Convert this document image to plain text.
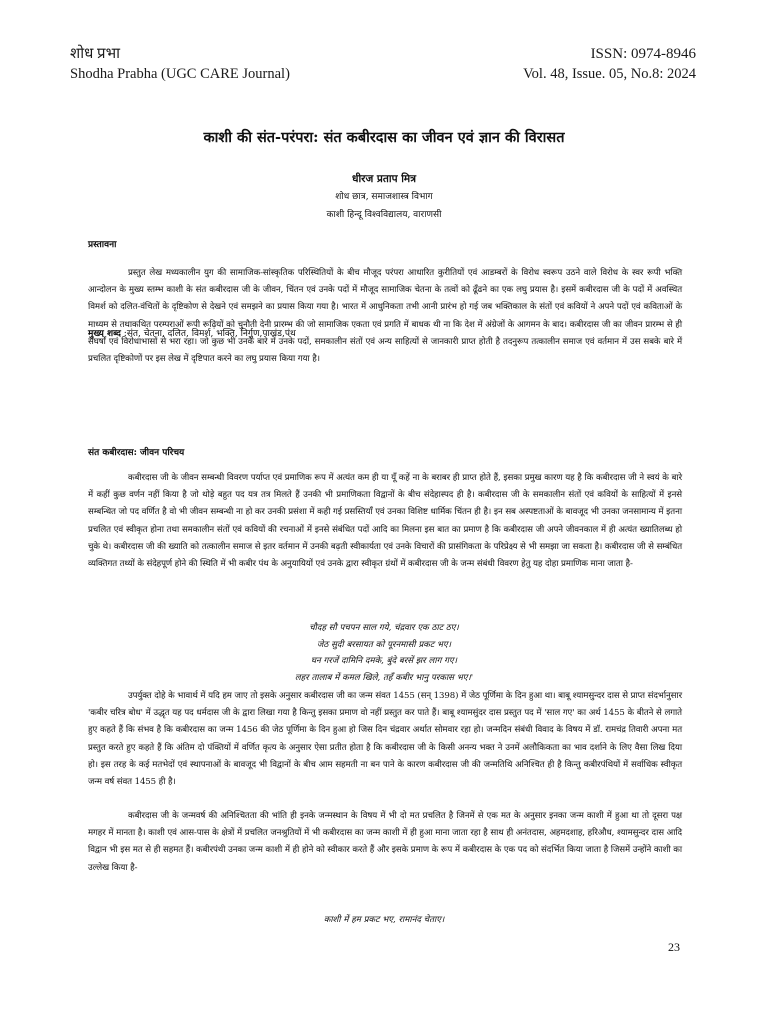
शोध प्रभा
Shodha Prabha (UGC CARE Journal)
ISSN: 0974-8946
Vol. 48, Issue. 05, No.8: 2024
काशी की संत-परंपरा: संत कबीरदास का जीवन एवं ज्ञान की विरासत
धीरज प्रताप मित्र
शोध छात्र, समाजशास्त्र विभाग
काशी हिन्दू विश्वविद्यालय, वाराणसी
प्रस्तावना

प्रस्तुत लेख मध्यकालीन युग की सामाजिक-सांस्कृतिक परिस्थितियों के बीच मौजूद परंपरा आधारित कुरीतियों एवं आडम्बरों के विरोध स्वरूप उठने वाले विरोध के स्वर रूपी भक्ति आन्दोलन के मुख्य स्तम्भ काशी के संत कबीरदास जी के जीवन, चिंतन एवं उनके पदों में मौजूद सामाजिक चेतना के तत्वों को ढूँढने का एक लघु प्रयास है। इसमें कबीरदास जी के पदों में अवस्थित विमर्श को दलित-वंचितों के दृष्टिकोण से देखने एवं समझने का प्रयास किया गया है। भारत में आधुनिकता तभी आनी प्रारंभ हो गई जब भक्तिकाल के संतों एवं कवियों ने अपने पदों एवं कविताओं के माध्यम से तथाकथित परम्पराओं रूपी रूढ़ियों को चुनौती देनी प्रारम्भ की जो सामाजिक एकता एवं प्रगति में बाधक थी ना कि देश में अंग्रेजों के आगमन के बाद। कबीरदास जी का जीवन प्रारम्भ से ही संघर्षों एवं विरोधाभासों से भरा रहा। जो कुछ भी उनके बारे में उनके पदों, समकालीन संतों एवं अन्य साहित्यों से जानकारी प्राप्त होती है तदनुरूप तत्कालीन समाज एवं वर्तमान में उस सबके बारे में प्रचलित दृष्टिकोणों पर इस लेख में दृष्टिपात करने का लघु प्रयास किया गया है।

मुख्य शब्द :संत, चेतना, दलित, विमर्श, भक्ति, निर्गुण,पाखंड,पंथ
संत कबीरदास: जीवन परिचय

कबीरदास जी के जीवन सम्बन्धी विवरण पर्याप्त एवं प्रमाणिक रूप में अत्यंत कम ही या यूँ कहें ना के बराबर ही प्राप्त होते हैं, इसका प्रमुख कारण यह है कि कबीरदास जी ने स्वयं के बारे में कहीं कुछ वर्णन नहीं किया है जो थोड़े बहुत पद यत्र तत्र मिलते हैं उनकी भी प्रमाणिकता विद्वानों के बीच संदेहास्पद ही है। कबीरदास जी के समकालीन संतों एवं कवियों के साहित्यों में इनसे सम्बन्धित जो पद वर्णित है वो भी जीवन सम्बन्धी ना हो कर उनकी प्रसंशा में कही गई प्रसस्तियाँ एवं उनका विशिष्ट धार्मिक चिंतन ही है। इन सब अस्पष्टताओं के बावजूद भी उनका जनसामान्य में इतना प्रचलित एवं स्वीकृत होना तथा समकालीन संतों एवं कवियों की रचनाओं में इनसे संबंधित पदों आदि का मिलना इस बात का प्रमाण है कि कबीरदास जी अपने जीवनकाल में ही अत्यंत ख्यातिलब्ध हो चुके थे। कबीरदास जी की ख्याति को तत्कालीन समाज से इतर वर्तमान में उनकी बढ़ती स्वीकार्यता एवं उनके विचारों की प्रासंगिकता के परिप्रेक्ष्य से भी समझा जा सकता है। कबीरदास जी से सम्बंधित व्यक्तिगत तथ्यों के संदेहपूर्ण होने की स्थिति में भी कबीर पंथ के अनुयायियों एवं उनके द्वारा स्वीकृत ग्रंथों में कबीरदास जी के जन्म संबंधी विवरण हेतु यह दोहा प्रमाणिक माना जाता है-

चौदह सौ पचपन साल गये, चंद्रवार एक ठाट ठए।
जेठ सुदी बरसायत को पूरनमासी प्रकट भए।
घन गरजें दामिनि दमके, बुंदे बरसें झर लाग गए।
लहर तालाब में कमल खिले, तहँ कबीर भानु परकास भए।'

उपर्युक्त दोहे के भावार्थ में यदि हम जाए तो इसके अनुसार कबीरदास जी का जन्म संवत 1455 (सन् 1398) में जेठ पूर्णिमा के दिन हुआ था। बाबू श्यामसुन्दर दास से प्राप्त संदर्भानुसार 'कबीर चरित्र बोध' में उद्धृत यह पद धर्मदास जी के द्वारा लिखा गया है किन्तु इसका प्रमाण वो नहीं प्रस्तुत कर पाते हैं। बाबू श्यामसुंदर दास प्रस्तुत पद में 'साल गए' का अर्थ 1455 के बीतने से लगाते हुए कहते हैं कि संभव है कि कबीरदास का जन्म 1456 की जेठ पूर्णिमा के दिन हुआ हो जिस दिन चंद्रवार अर्थात सोमवार रहा हो। जन्मदिन संबंधी विवाद के विषय में डॉ. रामचंद्र तिवारी अपना मत प्रस्तुत करते हुए कहते हैं कि अंतिम दो पंक्तियों में वर्णित कृत्य के अनुसार ऐसा प्रतीत होता है कि कबीरदास जी के किसी अनन्य भक्त ने उनमें अलौकिकता का भाव दर्शाने के लिए वैसा लिख दिया हो। इस तरह के कई मतभेदों एवं स्थापनाओं के बावजूद भी विद्वानों के बीच आम सहमती ना बन पाने के कारण कबीरदास जी की जन्मतिथि अनिश्चित ही है किन्तु कबीरपंथियों में सर्वाधिक स्वीकृत जन्म वर्ष संवत 1455 ही है।

कबीरदास जी के जन्मवर्ष की अनिश्चितता की भांति ही इनके जन्मस्थान के विषय में भी दो मत प्रचलित है जिनमें से एक मत के अनुसार इनका जन्म काशी में हुआ था तो दूसरा पक्ष मगहर में मानता है। काशी एवं आस-पास के क्षेत्रों में प्रचलित जनश्रुतियों में भी कबीरदास का जन्म काशी में ही हुआ माना जाता रहा है साथ ही अनंतदास, अहमदशाह, हरिऔध, श्यामसुन्दर दास आदि विद्वान भी इस मत से ही सहमत हैं। कबीरपंथी उनका जन्म काशी में ही होने को स्वीकार करते हैं और इसके प्रमाण के रूप में कबीरदास के एक पद को संदर्भित किया जाता है जिसमें उन्होंने काशी का उल्लेख किया है-

काशी में हम प्रकट भए, रामानंद चेताए।
23
